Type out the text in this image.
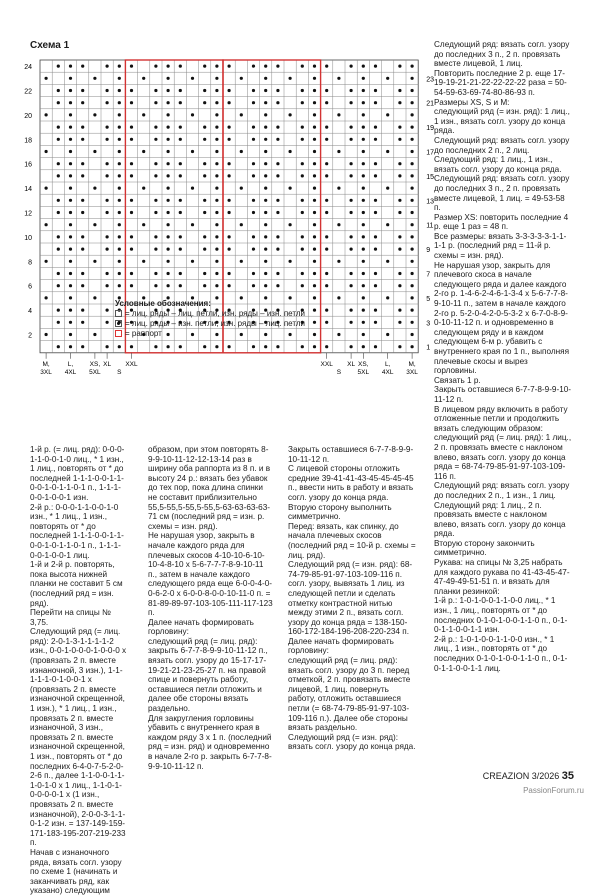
Схема 1
2
4
6
8
10
12
14
16
18
20
22
24
1
3
5
7
9
11
13
15
17
19
21
23
М,
3XL
L,
4XL
XS,
5XL
XL
S
XXL	XXL
S
XL XS,
5XL
L,
4XL
М,
3XL
Условные обозначения:
= лиц. ряды – лиц. петли, изн. ряды – изн. петли
= лиц. ряды – изн. петли, изн. ряды – лиц. петли
= раппорт

1-й р. (= лиц. ряд): 0-0-0-1-1-0-0-1-0 лиц., * 1 изн., 1 лиц., повторять от * до последней 1-1-1-0-0-1-1-0-0-1-0-1-1-0-1 п., 1-1-1-0-0-1-0-0-1 изн.
2-й р.: 0-0-0-1-1-0-0-1-0 изн., * 1 лиц., 1 изн., повторять от * до последней 1-1-1-0-0-1-1-0-0-1-0-1-1-0-1 п., 1-1-1-0-0-1-0-0-1 лиц.
1-й и 2-й р. повторять, пока высота нижней планки не составит 5 см (последний ряд = изн. ряд).
Перейти на спицы № 3,75.
Следующий ряд (= лиц. ряд): 2-0-1-3-1-1-1-1-2 изн., 0-0-1-0-0-0-1-0-0-0 х (провязать 2 п. вместе изнаночной, 3 изн.), 1-1-1-1-1-0-1-0-0-1 х (провязать 2 п. вместе изнаночной скрещенной, 1 изн.), * 1 лиц., 1 изн., провязать 2 п. вместе изнаночной, 3 изн., провязать 2 п. вместе изнаночной скрещенной, 1 изн., повторять от * до последних 6-4-0-7-5-2-0-2-6 п., далее 1-1-0-0-1-1-1-0-1-0 х 1 лиц., 1-1-0-1-0-0-0-0-1 х (1 изн., провязать 2 п. вместе изнаночной), 2-0-0-3-1-1-0-1-2 изн. = 137-149-159-171-183-195-207-219-233 п.
Начав с изнаночного ряда, вязать согл. узору по схеме 1 (начинать и заканчивать ряд, как указано) следующим

образом, при этом повторять 8-9-9-10-11-12-12-13-14 раз в ширину оба раппорта из 8 п. и в высоту 24 р.: вязать без убавок до тех пор, пока длина спинки не составит приблизительно 55,5-55,5-55,5-55,5-63-63-63-63-71 см (последний ряд = изн. р. схемы = изн. ряд).
Не нарушая узор, закрыть в начале каждого ряда для плечевых скосов 4-10-10-6-10-10-4-8-10 х 5-6-7-7-7-8-9-10-11 п., затем в начале каждого следующего ряда еще 6-0-0-4-0-0-6-2-0 х 6-0-0-8-0-0-10-11-0 п. = 81-89-89-97-103-105-111-117-123 п.
Далее начать формировать горловину:
следующий ряд (= лиц. ряд): закрыть 6-7-7-8-9-9-10-11-12 п., вязать согл. узору до 15-17-17-19-21-21-23-25-27 п. на правой спице и повернуть работу, оставшиеся петли отложить и далее обе стороны вязать раздельно.
Для закругления горловины убавить с внутреннего края в каждом ряду 3 х 1 п. (последний ряд = изн. ряд) и одновременно в начале 2-го р. закрыть 6-7-7-8-9-9-10-11-12 п.

Закрыть оставшиеся 6-7-7-8-9-9-10-11-12 п.
С лицевой стороны отложить средние 39-41-41-43-45-45-45-45 п., ввести нить в работу и вязать согл. узору до конца ряда.
Вторую сторону выполнить симметрично.
Перед: вязать, как спинку, до начала плечевых скосов (последний ряд = 10-й р. схемы = лиц. ряд).
Следующий ряд (= изн. ряд): 68-74-79-85-91-97-103-109-116 п. согл. узору, вывязать 1 лиц. из следующей петли и сделать отметку контрастной нитью между этими 2 п., вязать согл. узору до конца ряда = 138-150-160-172-184-196-208-220-234 п.
Далее начать формировать горловину:
следующий ряд (= лиц. ряд): вязать согл. узору до 3 п. перед отметкой, 2 п. провязать вместе лицевой, 1 лиц. повернуть работу, отложить оставшиеся петли (= 68-74-79-85-91-97-103-109-116 п.). Далее обе стороны вязать раздельно.
Следующий ряд (= изн. ряд): вязать согл. узору до конца ряда.

Следующий ряд: вязать согл. узору до последних 3 п., 2 п. провязать вместе лицевой, 1 лиц.
Повторить последние 2 р. еще 17-19-19-21-21-22-22-22-22 раза = 50-54-59-63-69-74-80-86-93 п.
Размеры XS, S и M:
следующий ряд (= изн. ряд): 1 лиц., 1 изн., вязать согл. узору до конца ряда.
Следующий ряд: вязать согл. узору до последних 2 п., 2 лиц.
Следующий ряд: 1 лиц., 1 изн., вязать согл. узору до конца ряда.
Следующий ряд: вязать согл. узору до последних 3 п., 2 п. провязать вместе лицевой, 1 лиц. = 49-53-58 п.
Размер XS: повторить последние 4 р. еще 1 раз = 48 п.
Все размеры: вязать 3-3-3-3-3-1-1-1-1 р. (последний ряд = 11-й р. схемы = изн. ряд).
Не нарушая узор, закрыть для плечевого скоса в начале следующего ряда и далее каждого 2-го р. 1-4-6-2-4-6-1-3-4 х 5-6-7-7-8-9-10-11 п., затем в начале каждого 2-го р. 5-2-0-4-2-0-5-3-2 х 6-7-0-8-9-0-10-11-12 п. и одновременно в следующем ряду и в каждом следующем 6-м р. убавить с внутреннего края по 1 п., выполняя плечевые скосы и вырез горловины.
Связать 1 р.
Закрыть оставшиеся 6-7-7-8-9-9-10-11-12 п.
В лицевом ряду включить в работу отложенные петли и продолжить вязать следующим образом:
следующий ряд (= лиц. ряд): 1 лиц., 2 п. провязать вместе с наклоном влево, вязать согл. узору до конца ряда = 68-74-79-85-91-97-103-109-116 п.
Следующий ряд: вязать согл. узору до последних 2 п., 1 изн., 1 лиц.
Следующий ряд: 1 лиц., 2 п. провязать вместе с наклоном влево, вязать согл. узору до конца ряда.
Вторую сторону закончить симметрично.
Рукава: на спицы № 3,25 набрать для каждого рукава по 41-43-45-47-47-49-49-51-51 п. и вязать для планки резинкой:
1-й р.: 1-0-1-0-0-1-1-0-0 лиц., * 1 изн., 1 лиц., повторять от * до последних 0-1-0-1-0-0-1-1-0 п., 0-1-0-1-1-0-0-1-1 изн.
2-й р.: 1-0-1-0-0-1-1-0-0 изн., * 1 лиц., 1 изн., повторять от * до последних 0-1-0-1-0-0-1-1-0 п., 0-1-0-1-1-0-0-1-1 лиц.

CREAZION 3/2026 35
PassionForum.ru
